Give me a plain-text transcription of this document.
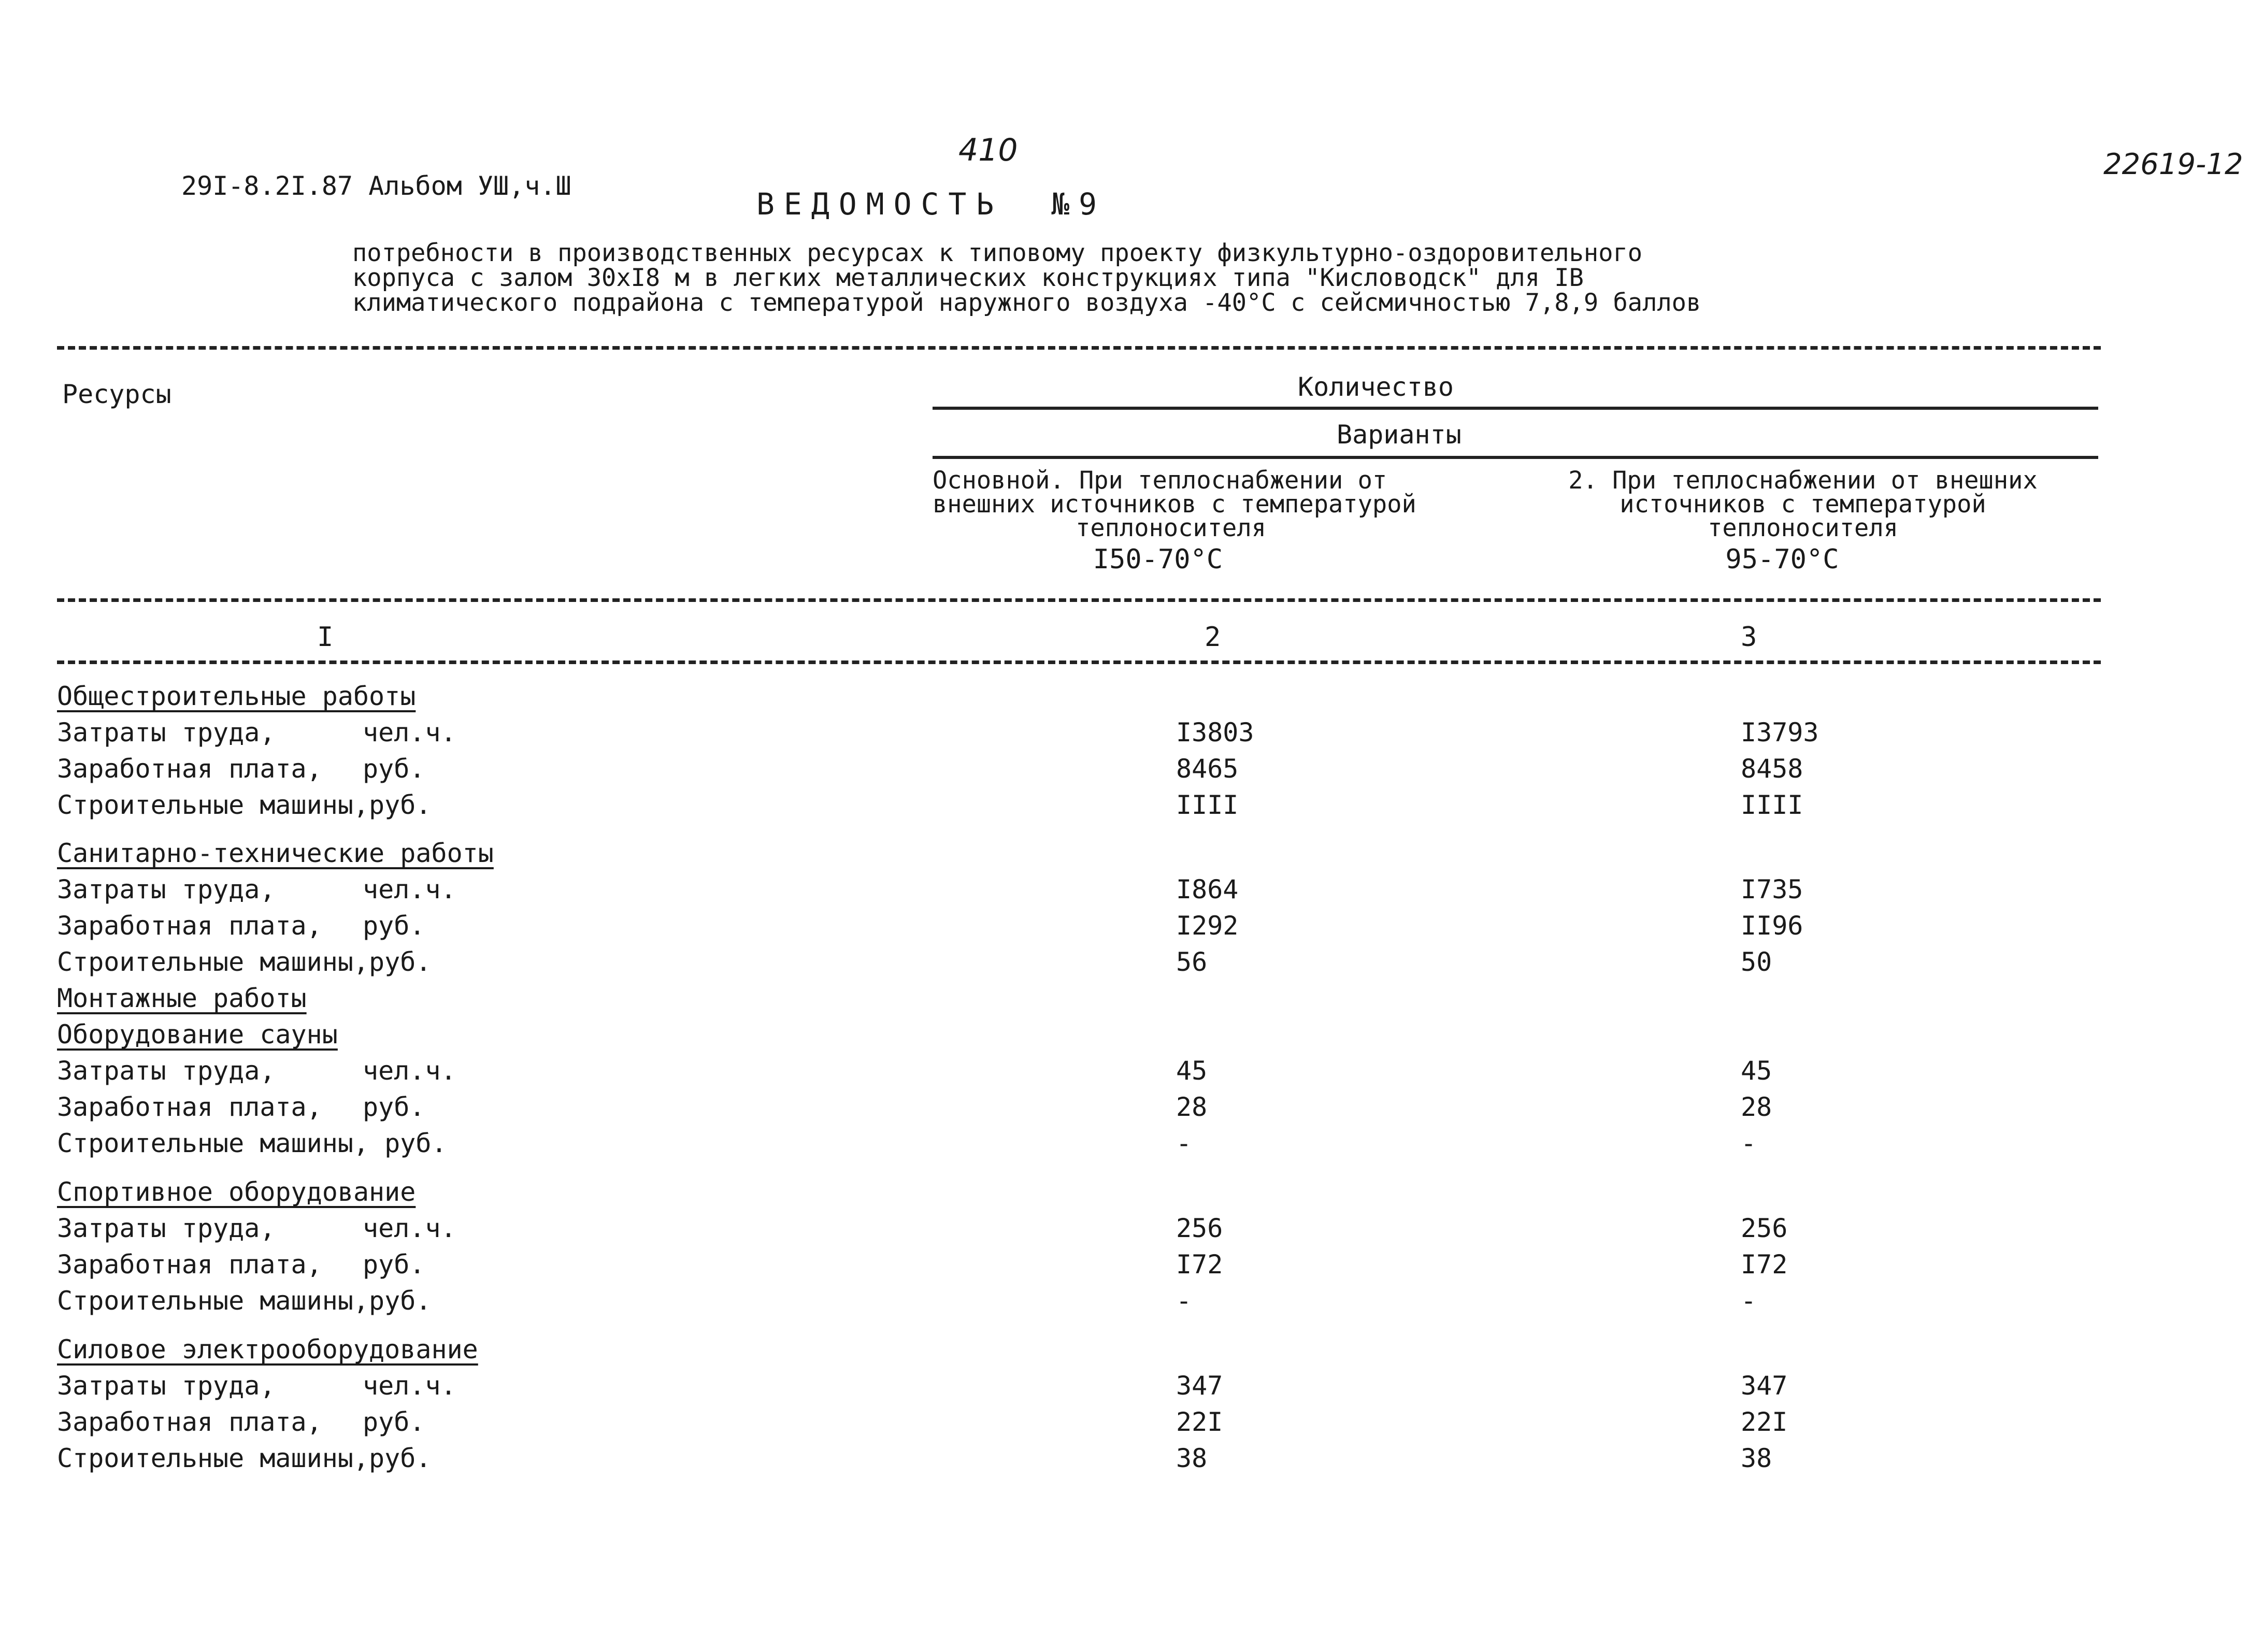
410	22619-12
29I-8.2I.87 Альбом УШ,ч.Ш
ВЕДОМОСТЬ №9
потребности в производственных ресурсах к типовому проекту физкультурно-оздоровительного
корпуса с залом 30хI8 м в легких металлических конструкциях типа "Кисловодск" для IВ
климатического подрайона с температурой наружного воздуха -40°С с сейсмичностью 7,8,9 баллов
Ресурсы	Количество
Варианты
Основной. При теплоснабжении от
внешних источников с температурой
теплоносителя
I50-70°С
2. При теплоснабжении от внешних
источников с температурой
теплоносителя
95-70°С
I	2	3
Общестроительные работы
Затраты труда,	чел.ч.	I3803	I3793
Заработная плата, руб.	8465	8458
Строительные машины,руб.	IIII	IIII
Санитарно-технические работы
Затраты труда,	чел.ч.	I864	I735
Заработная плата, руб.	I292	II96
Строительные машины,руб.	56	50
Монтажные работы
Оборудование сауны
Затраты труда,	чел.ч.	45	45
Заработная плата, руб.	28	28
Строительные машины, руб.	-	-
Спортивное оборудование
Затраты труда,	чел.ч.	256	256
Заработная плата, руб.	I72	I72
Строительные машины,руб.	-	-
Силовое электрооборудование
Затраты труда,	чел.ч.	347	347
Заработная плата, руб.	22I	22I
Строительные машины,руб.	38	38
